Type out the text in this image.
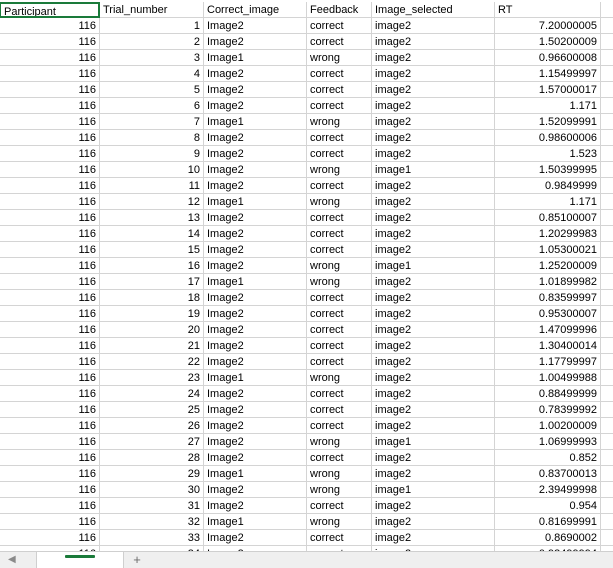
Participant	Trial_number	Correct_image	Feedback	Image_selected	RT
116	1 Image2	correct	image2	7.20000005
116	2 Image2	correct	image2	1.50200009
116	3 Image1	wrong	image2	0.96600008
116	4 Image2	correct	image2	1.15499997
116	5 Image2	correct	image2	1.57000017
116	6 Image2	correct	image2	1.171
116	7 Image1	wrong	image2	1.52099991
116	8 Image2	correct	image2	0.98600006
116	9 Image2	correct	image2	1.523
116	10 Image2	wrong	image1	1.50399995
116	11 Image2	correct	image2	0.9849999
116	12 Image1	wrong	image2	1.171
116	13 Image2	correct	image2	0.85100007
116	14 Image2	correct	image2	1.20299983
116	15 Image2	correct	image2	1.05300021
116	16 Image2	wrong	image1	1.25200009
116	17 Image1	wrong	image2	1.01899982
116	18 Image2	correct	image2	0.83599997
116	19 Image2	correct	image2	0.95300007
116	20 Image2	correct	image2	1.47099996
116	21 Image2	correct	image2	1.30400014
116	22 Image2	correct	image2	1.17799997
116	23 Image1	wrong	image2	1.00499988
116	24 Image2	correct	image2	0.88499999
116	25 Image2	correct	image2	0.78399992
116	26 Image2	correct	image2	1.00200009
116	27 Image2	wrong	image1	1.06999993
116	28 Image2	correct	image2	0.852
116	29 Image1	wrong	image2	0.83700013
116	30 Image2	wrong	image1	2.39499998
116	31 Image2	correct	image2	0.954
116	32 Image1	wrong	image2	0.81699991
116	33 Image2	correct	image2	0.8690002
◀	+
